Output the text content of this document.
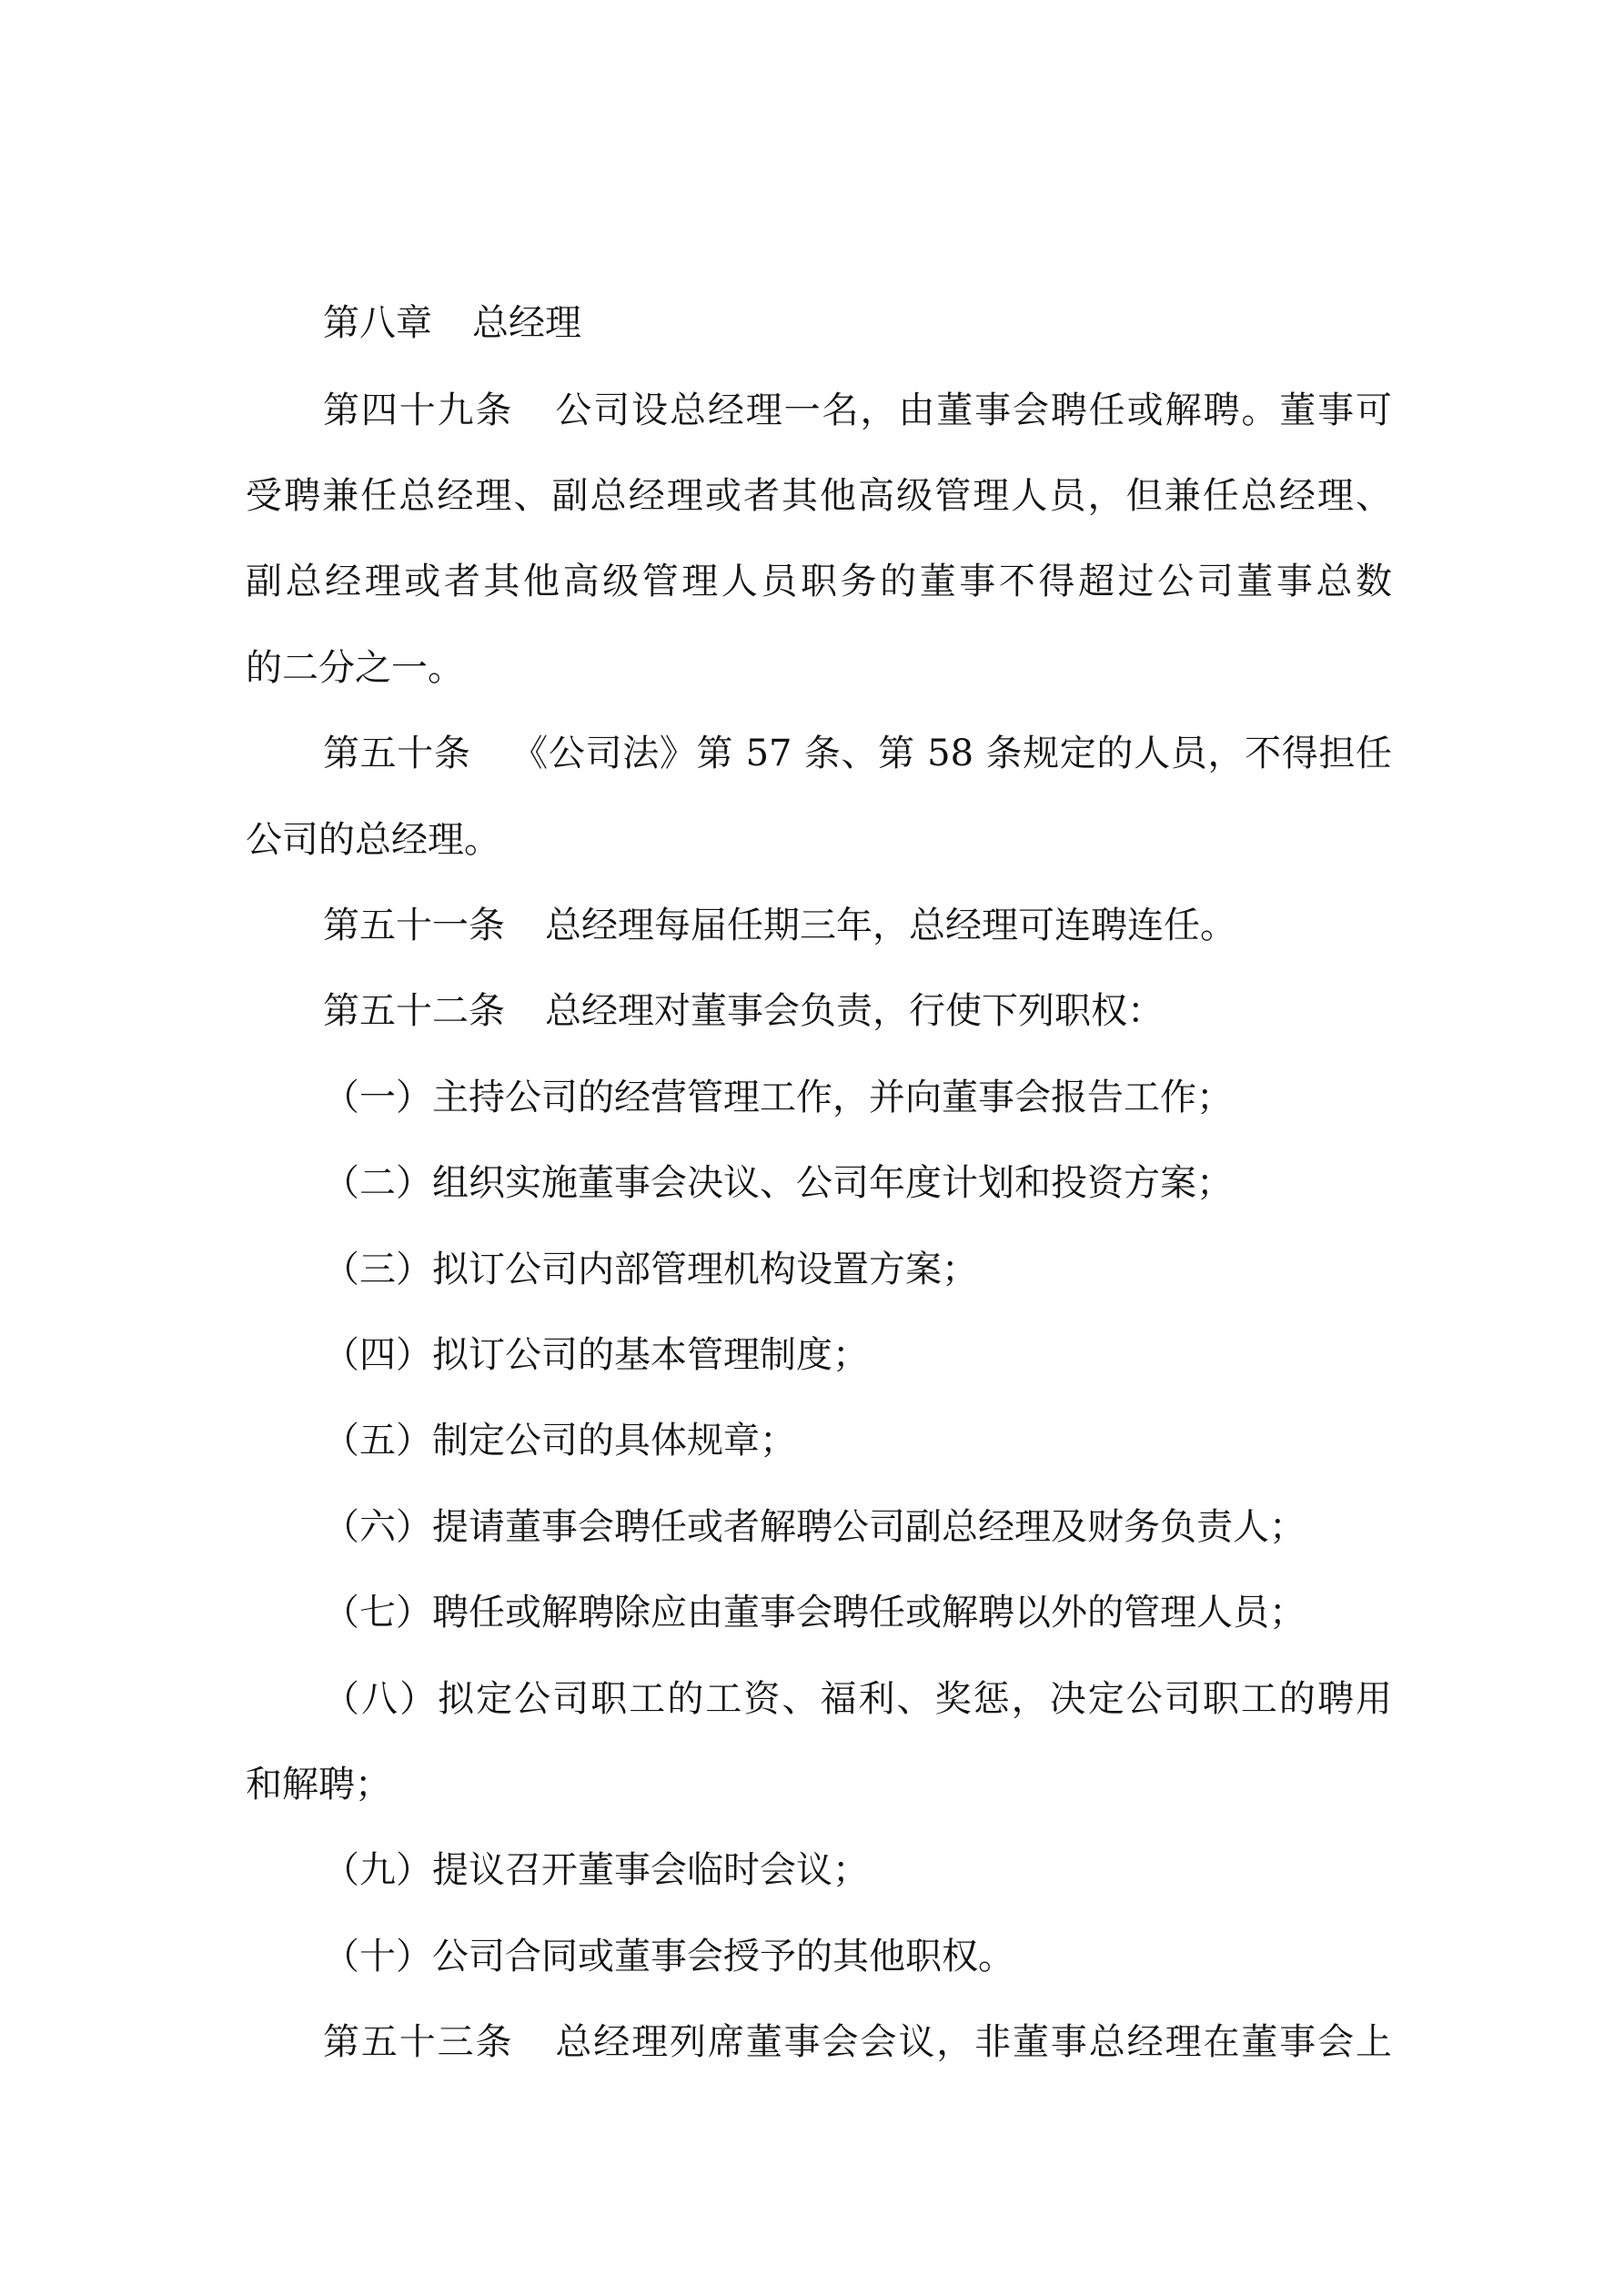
第八章 总经理
第四十九条 公司设总经理一名，由董事会聘任或解聘。董事可
受聘兼任总经理、副总经理或者其他高级管理人员，但兼任总经理、
副总经理或者其他高级管理人员职务的董事不得超过公司董事总数
的二分之一。
第五十条 《公司法》第 57 条、第 58 条规定的人员，不得担任
公司的总经理。
第五十一条 总经理每届任期三年，总经理可连聘连任。
第五十二条 总经理对董事会负责，行使下列职权：
（一）主持公司的经营管理工作，并向董事会报告工作；
（二）组织实施董事会决议、公司年度计划和投资方案；
（三）拟订公司内部管理机构设置方案；
（四）拟订公司的基本管理制度；
（五）制定公司的具体规章；
（六）提请董事会聘任或者解聘公司副总经理及财务负责人；
（七）聘任或解聘除应由董事会聘任或解聘以外的管理人员；
（八）拟定公司职工的工资、福利、奖惩，决定公司职工的聘用
和解聘；
（九）提议召开董事会临时会议；
（十）公司合同或董事会授予的其他职权。
第五十三条 总经理列席董事会会议，非董事总经理在董事会上
